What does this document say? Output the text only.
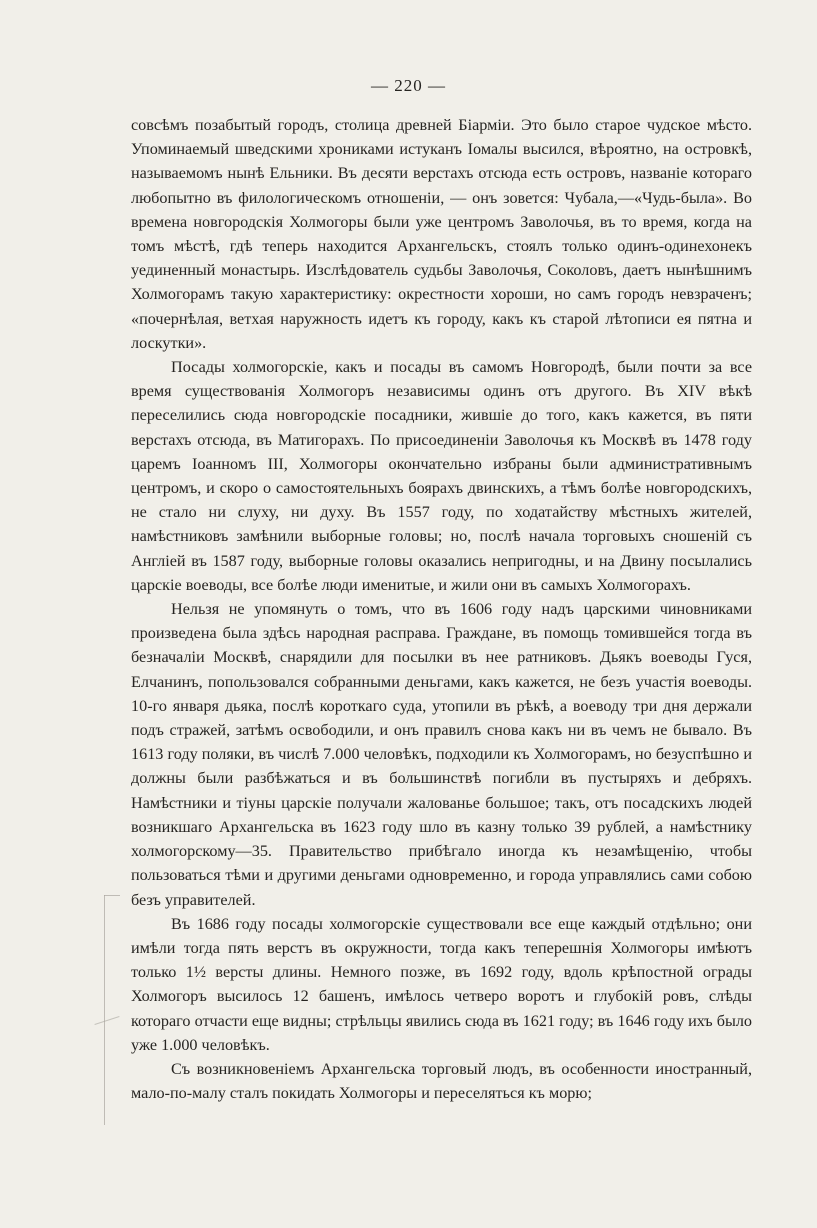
— 220 —

совсѣмъ позабытый городъ, столица древней Біарміи. Это было старое чудское мѣсто. Упоминаемый шведскими хрониками истуканъ Іомалы высился, вѣроятно, на островкѣ, называемомъ нынѣ Ельники. Въ десяти верстахъ отсюда есть островъ, названіе котораго любопытно въ филологическомъ отношеніи, — онъ зовется: Чубала,—«Чудь-была». Во времена новгородскія Холмогоры были уже центромъ Заволочья, въ то время, когда на томъ мѣстѣ, гдѣ теперь находится Архангельскъ, стоялъ только одинъ-одинехонекъ уединенный монастырь. Изслѣдователь судьбы Заволочья, Соколовъ, даетъ нынѣшнимъ Холмогорамъ такую характеристику: окрестности хороши, но самъ городъ невзраченъ; «почернѣлая, ветхая наружность идетъ къ городу, какъ къ старой лѣтописи ея пятна и лоскутки».

Посады холмогорскіе, какъ и посады въ самомъ Новгородѣ, были почти за все время существованія Холмогоръ независимы одинъ отъ другого. Въ XIV вѣкѣ переселились сюда новгородскіе посадники, жившіе до того, какъ кажется, въ пяти верстахъ отсюда, въ Матигорахъ. По присоединеніи Заволочья къ Москвѣ въ 1478 году царемъ Іоанномъ III, Холмогоры окончательно избраны были административнымъ центромъ, и скоро о самостоятельныхъ боярахъ двинскихъ, а тѣмъ болѣе новгородскихъ, не стало ни слуху, ни духу. Въ 1557 году, по ходатайству мѣстныхъ жителей, намѣстниковъ замѣнили выборные головы; но, послѣ начала торговыхъ сношеній съ Англіей въ 1587 году, выборные головы оказались непригодны, и на Двину посылались царскіе воеводы, все болѣе люди именитые, и жили они въ самыхъ Холмогорахъ.

Нельзя не упомянуть о томъ, что въ 1606 году надъ царскими чиновниками произведена была здѣсь народная расправа. Граждане, въ помощь томившейся тогда въ безначаліи Москвѣ, снарядили для посылки въ нее ратниковъ. Дьякъ воеводы Гуся, Елчанинъ, попользовался собранными деньгами, какъ кажется, не безъ участія воеводы. 10-го января дьяка, послѣ короткаго суда, утопили въ рѣкѣ, а воеводу три дня держали подъ стражей, затѣмъ освободили, и онъ правилъ снова какъ ни въ чемъ не бывало. Въ 1613 году поляки, въ числѣ 7.000 человѣкъ, подходили къ Холмогорамъ, но безуспѣшно и должны были разбѣжаться и въ большинствѣ погибли въ пустыряхъ и дебряхъ. Намѣстники и тіуны царскіе получали жалованье большое; такъ, отъ посадскихъ людей возникшаго Архангельска въ 1623 году шло въ казну только 39 рублей, а намѣстнику холмогорскому—35. Правительство прибѣгало иногда къ незамѣщенію, чтобы пользоваться тѣми и другими деньгами одновременно, и города управлялись сами собою безъ управителей.

Въ 1686 году посады холмогорскіе существовали все еще каждый отдѣльно; они имѣли тогда пять верстъ въ окружности, тогда какъ теперешнія Холмогоры имѣютъ только 1½ версты длины. Немного позже, въ 1692 году, вдоль крѣпостной ограды Холмогоръ высилось 12 башенъ, имѣлось четверо воротъ и глубокій ровъ, слѣды котораго отчасти еще видны; стрѣльцы явились сюда въ 1621 году; въ 1646 году ихъ было уже 1.000 человѣкъ.

Съ возникновеніемъ Архангельска торговый людъ, въ особенности иностранный, мало-по-малу сталъ покидать Холмогоры и переселяться къ морю;
